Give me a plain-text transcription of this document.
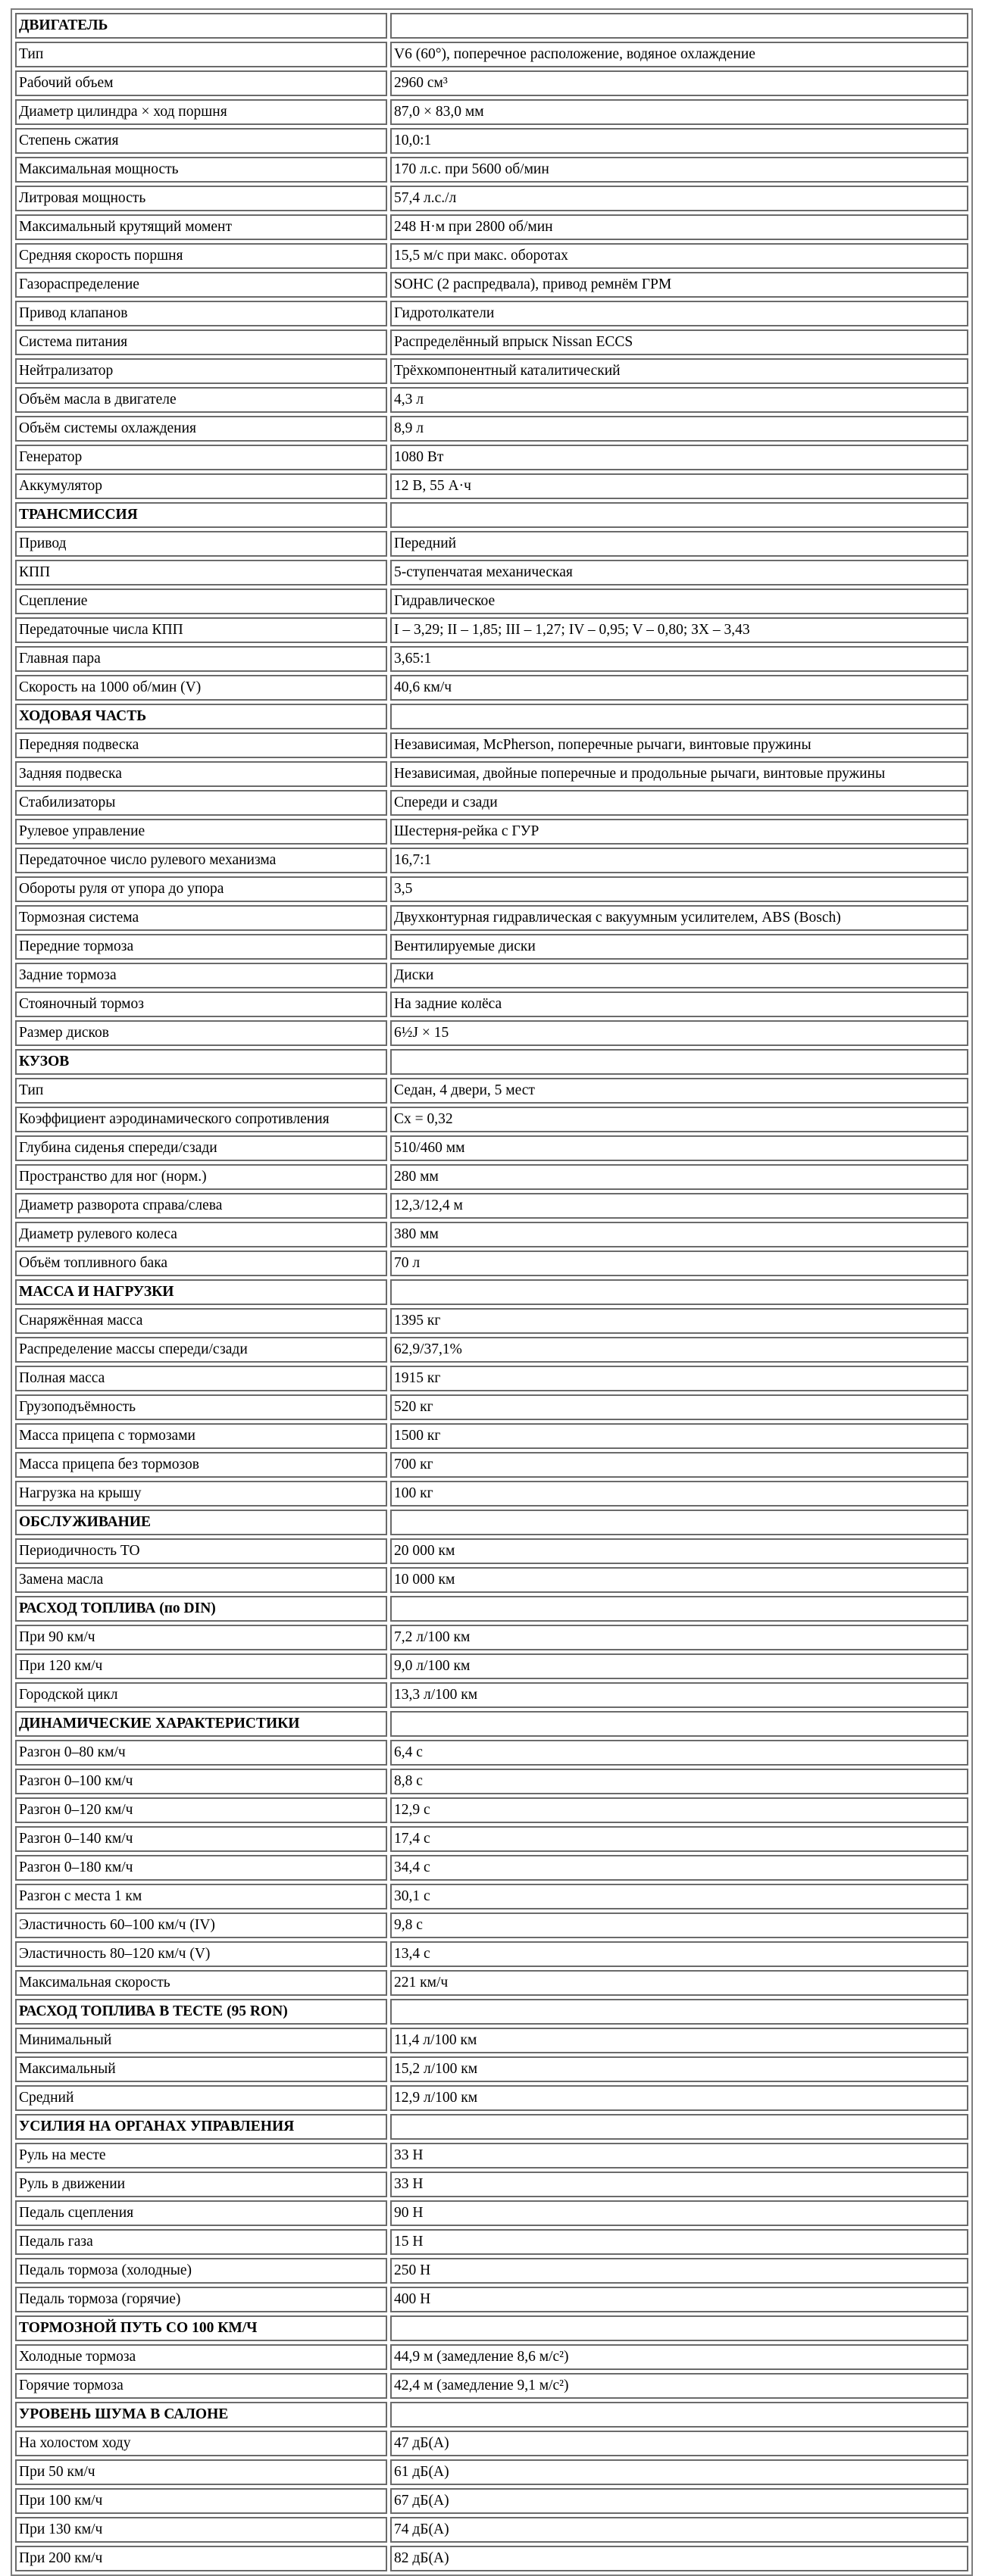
ДВИГАТЕЛЬ	
Тип	V6 (60°), поперечное расположение, водяное охлаждение
Рабочий объем	2960 см³
Диаметр цилиндра × ход поршня	87,0 × 83,0 мм
Степень сжатия	10,0:1
Максимальная мощность	170 л.с. при 5600 об/мин
Литровая мощность	57,4 л.с./л
Максимальный крутящий момент	248 Н·м при 2800 об/мин
Средняя скорость поршня	15,5 м/с при макс. оборотах
Газораспределение	SOHC (2 распредвала), привод ремнём ГРМ
Привод клапанов	Гидротолкатели
Система питания	Распределённый впрыск Nissan ECCS
Нейтрализатор	Трёхкомпонентный каталитический
Объём масла в двигателе	4,3 л
Объём системы охлаждения	8,9 л
Генератор	1080 Вт
Аккумулятор	12 В, 55 А·ч
ТРАНСМИССИЯ	
Привод	Передний
КПП	5-ступенчатая механическая
Сцепление	Гидравлическое
Передаточные числа КПП	I – 3,29; II – 1,85; III – 1,27; IV – 0,95; V – 0,80; ЗХ – 3,43
Главная пара	3,65:1
Скорость на 1000 об/мин (V)	40,6 км/ч
ХОДОВАЯ ЧАСТЬ	
Передняя подвеска	Независимая, McPherson, поперечные рычаги, винтовые пружины
Задняя подвеска	Независимая, двойные поперечные и продольные рычаги, винтовые пружины
Стабилизаторы	Спереди и сзади
Рулевое управление	Шестерня-рейка с ГУР
Передаточное число рулевого механизма	16,7:1
Обороты руля от упора до упора	3,5
Тормозная система	Двухконтурная гидравлическая с вакуумным усилителем, ABS (Bosch)
Передние тормоза	Вентилируемые диски
Задние тормоза	Диски
Стояночный тормоз	На задние колёса
Размер дисков	6½J × 15
КУЗОВ	
Тип	Седан, 4 двери, 5 мест
Коэффициент аэродинамического сопротивления	Cx = 0,32
Глубина сиденья спереди/сзади	510/460 мм
Пространство для ног (норм.)	280 мм
Диаметр разворота справа/слева	12,3/12,4 м
Диаметр рулевого колеса	380 мм
Объём топливного бака	70 л
МАССА И НАГРУЗКИ	
Снаряжённая масса	1395 кг
Распределение массы спереди/сзади	62,9/37,1%
Полная масса	1915 кг
Грузоподъёмность	520 кг
Масса прицепа с тормозами	1500 кг
Масса прицепа без тормозов	700 кг
Нагрузка на крышу	100 кг
ОБСЛУЖИВАНИЕ	
Периодичность ТО	20 000 км
Замена масла	10 000 км
РАСХОД ТОПЛИВА (по DIN)	
При 90 км/ч	7,2 л/100 км
При 120 км/ч	9,0 л/100 км
Городской цикл	13,3 л/100 км
ДИНАМИЧЕСКИЕ ХАРАКТЕРИСТИКИ	
Разгон 0–80 км/ч	6,4 с
Разгон 0–100 км/ч	8,8 с
Разгон 0–120 км/ч	12,9 с
Разгон 0–140 км/ч	17,4 с
Разгон 0–180 км/ч	34,4 с
Разгон с места 1 км	30,1 с
Эластичность 60–100 км/ч (IV)	9,8 с
Эластичность 80–120 км/ч (V)	13,4 с
Максимальная скорость	221 км/ч
РАСХОД ТОПЛИВА В ТЕСТЕ (95 RON)	
Минимальный	11,4 л/100 км
Максимальный	15,2 л/100 км
Средний	12,9 л/100 км
УСИЛИЯ НА ОРГАНАХ УПРАВЛЕНИЯ	
Руль на месте	33 Н
Руль в движении	33 Н
Педаль сцепления	90 Н
Педаль газа	15 Н
Педаль тормоза (холодные)	250 Н
Педаль тормоза (горячие)	400 Н
ТОРМОЗНОЙ ПУТЬ СО 100 КМ/Ч	
Холодные тормоза	44,9 м (замедление 8,6 м/с²)
Горячие тормоза	42,4 м (замедление 9,1 м/с²)
УРОВЕНЬ ШУМА В САЛОНЕ	
На холостом ходу	47 дБ(A)
При 50 км/ч	61 дБ(A)
При 100 км/ч	67 дБ(A)
При 130 км/ч	74 дБ(A)
При 200 км/ч	82 дБ(A)
